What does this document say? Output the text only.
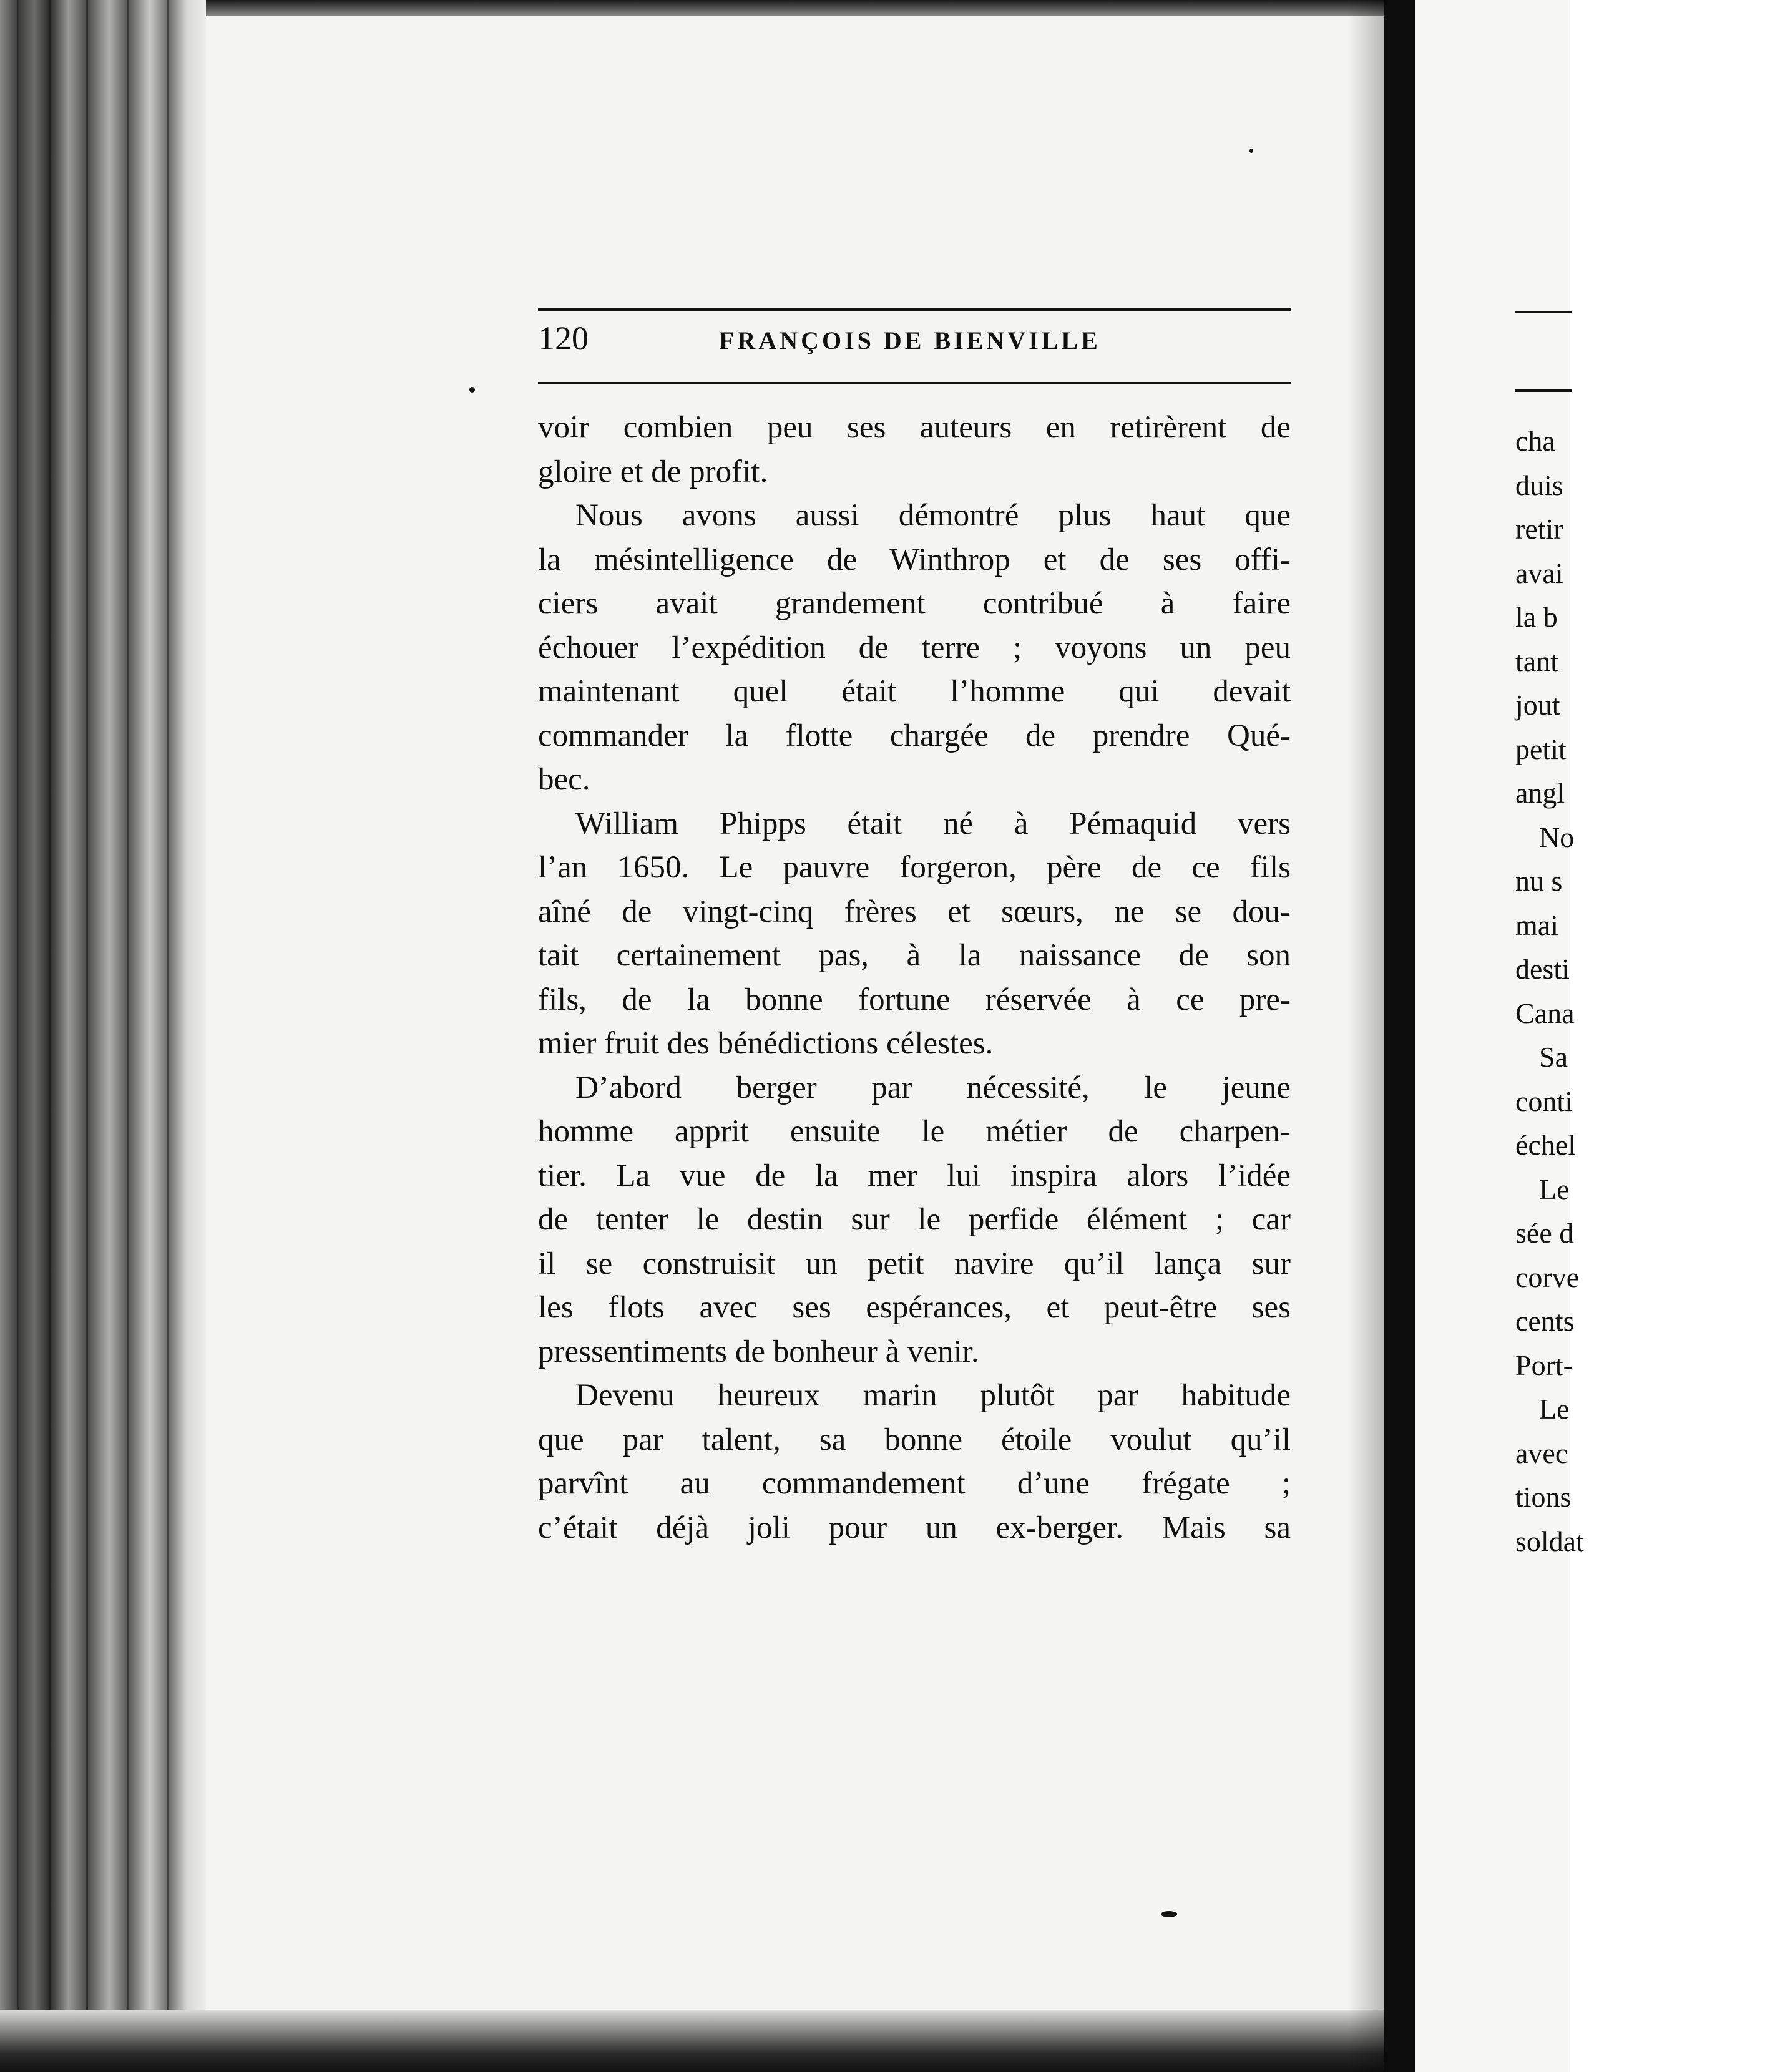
120	FRANÇOIS DE BIENVILLE
voir combien peu ses auteurs en retirèrent de
gloire et de profit.
Nous avons aussi démontré plus haut que
la mésintelligence de Winthrop et de ses offi-
ciers avait grandement contribué à faire
échouer l’expédition de terre ; voyons un peu
maintenant quel était l’homme qui devait
commander la flotte chargée de prendre Qué-
bec.
William Phipps était né à Pémaquid vers
l’an 1650. Le pauvre forgeron, père de ce fils
aîné de vingt-cinq frères et sœurs, ne se dou-
tait certainement pas, à la naissance de son
fils, de la bonne fortune réservée à ce pre-
mier fruit des bénédictions célestes.
D’abord berger par nécessité, le jeune
homme apprit ensuite le métier de charpen-
tier. La vue de la mer lui inspira alors l’idée
de tenter le destin sur le perfide élément ; car
il se construisit un petit navire qu’il lança sur
les flots avec ses espérances, et peut-être ses
pressentiments de bonheur à venir.
Devenu heureux marin plutôt par habitude
que par talent, sa bonne étoile voulut qu’il
parvînt au commandement d’une frégate ;
c’était déjà joli pour un ex-berger. Mais sa
cha
duis
retir
avai
la b
tant
jout
petit
angl
No
nu s
mai
desti
Cana
Sa
conti
échel
Le
sée d
corve
cents
Port-
Le
avec
tions
soldat
